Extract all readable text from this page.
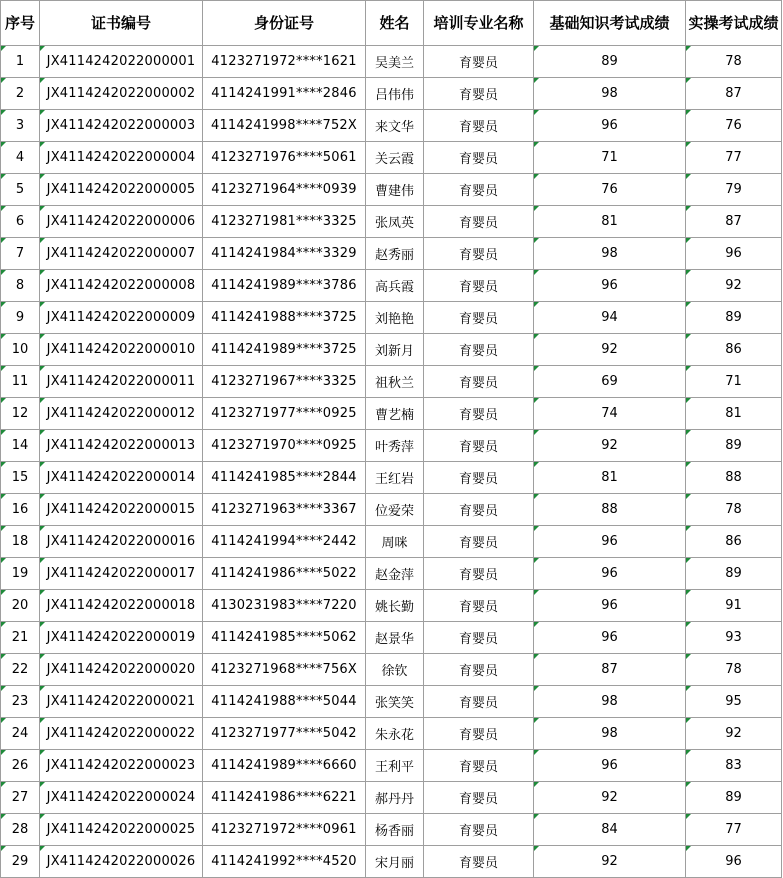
序号	证书编号	身份证号	姓名	培训专业名称	基础知识考试成绩	实操考试成绩

1	JX4114242022000001	4123271972****1621	吴美兰	育婴员	89	78

2	JX4114242022000002	4114241991****2846	吕伟伟	育婴员	98	87

3	JX4114242022000003	4114241998****752X	来文华	育婴员	96	76

4	JX4114242022000004	4123271976****5061	关云霞	育婴员	71	77

5	JX4114242022000005	4123271964****0939	曹建伟	育婴员	76	79

6	JX4114242022000006	4123271981****3325	张凤英	育婴员	81	87

7	JX4114242022000007	4114241984****3329	赵秀丽	育婴员	98	96

8	JX4114242022000008	4114241989****3786	高兵霞	育婴员	96	92

9	JX4114242022000009	4114241988****3725	刘艳艳	育婴员	94	89

10	JX4114242022000010	4114241989****3725	刘新月	育婴员	92	86

11	JX4114242022000011	4123271967****3325	祖秋兰	育婴员	69	71

12	JX4114242022000012	4123271977****0925	曹艺楠	育婴员	74	81

14	JX4114242022000013	4123271970****0925	叶秀萍	育婴员	92	89

15	JX4114242022000014	4114241985****2844	王红岩	育婴员	81	88

16	JX4114242022000015	4123271963****3367	位爱荣	育婴员	88	78

18	JX4114242022000016	4114241994****2442	周咪	育婴员	96	86

19	JX4114242022000017	4114241986****5022	赵金萍	育婴员	96	89

20	JX4114242022000018	4130231983****7220	姚长勤	育婴员	96	91

21	JX4114242022000019	4114241985****5062	赵景华	育婴员	96	93

22	JX4114242022000020	4123271968****756X	徐钦	育婴员	87	78

23	JX4114242022000021	4114241988****5044	张笑笑	育婴员	98	95

24	JX4114242022000022	4123271977****5042	朱永花	育婴员	98	92

26	JX4114242022000023	4114241989****6660	王利平	育婴员	96	83

27	JX4114242022000024	4114241986****6221	郝丹丹	育婴员	92	89

28	JX4114242022000025	4123271972****0961	杨香丽	育婴员	84	77

29	JX4114242022000026	4114241992****4520	宋月丽	育婴员	92	96
